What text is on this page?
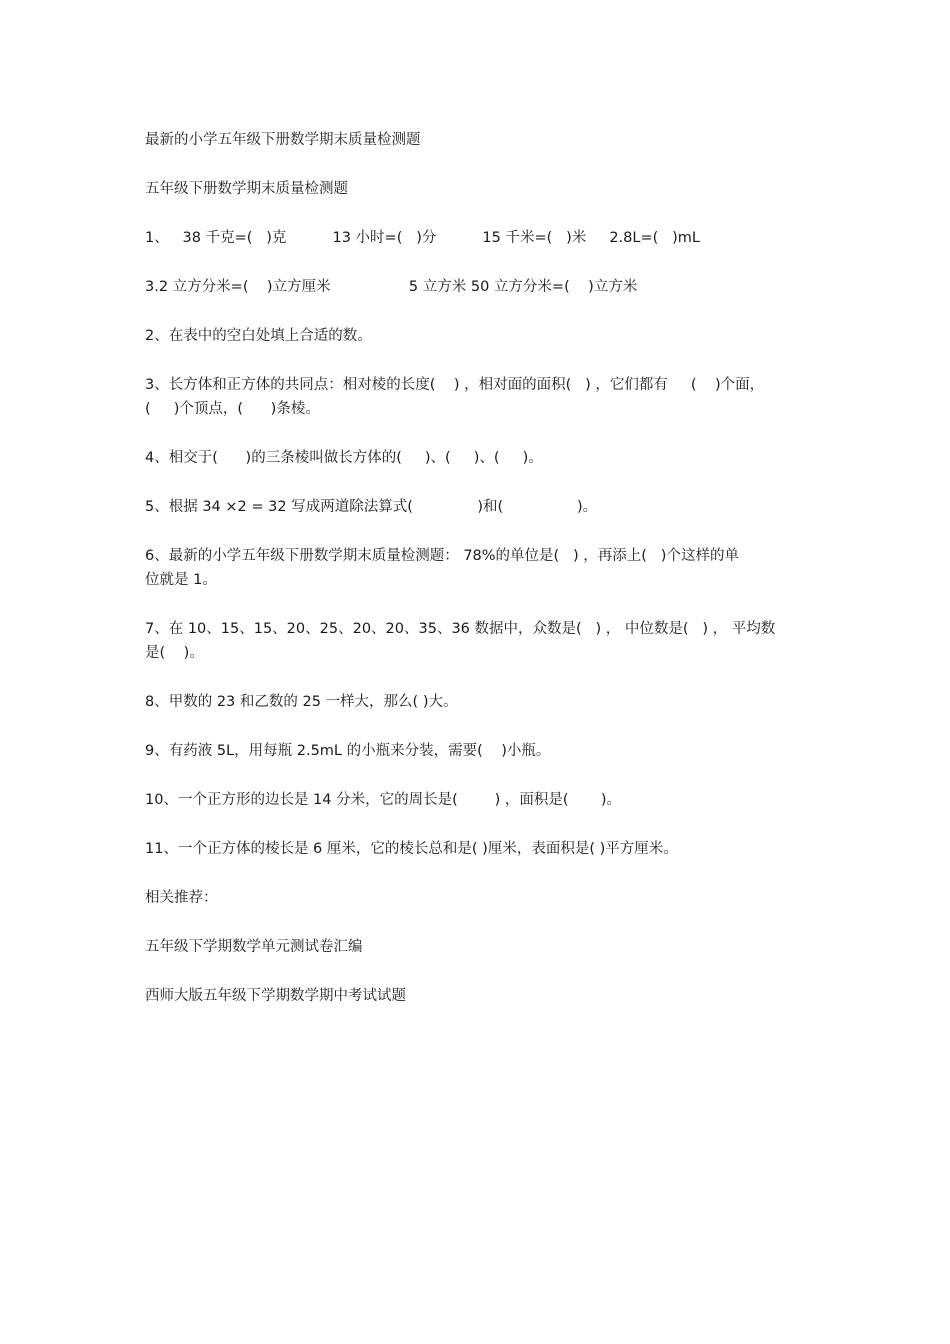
最新的小学五年级下册数学期末质量检测题

五年级下册数学期末质量检测题

1、   38 千克=(   )克          13 小时=(   )分          15 千米=(   )米     2.8L=(   )mL

3.2 立方分米=(    )立方厘米                 5 立方米 50 立方分米=(    )立方米

2、在表中的空白处填上合适的数。

3、长方体和正方体的共同点：相对棱的长度(    ) ，相对面的面积(   ) ，它们都有     (    )个面，
(     )个顶点，(      )条棱。

4、相交于(      )的三条棱叫做长方体的(     )、(     )、(     )。

5、根据 34 ×2 = 32 写成两道除法算式(              )和(                )。

6、最新的小学五年级下册数学期末质量检测题： 78%的单位是(   ) ，再添上(   )个这样的单
位就是 1。

7、在 10、15、15、20、25、20、20、35、36 数据中，众数是(   ) ， 中位数是(   ) ， 平均数
是(    )。

8、甲数的 23 和乙数的 25 一样大，那么( )大。

9、有药液 5L，用每瓶 2.5mL 的小瓶来分装，需要(    )小瓶。

10、一个正方形的边长是 14 分米，它的周长是(        ) ，面积是(       )。

11、一个正方体的棱长是 6 厘米，它的棱长总和是( )厘米，表面积是( )平方厘米。

相关推荐：

五年级下学期数学单元测试卷汇编

西师大版五年级下学期数学期中考试试题
